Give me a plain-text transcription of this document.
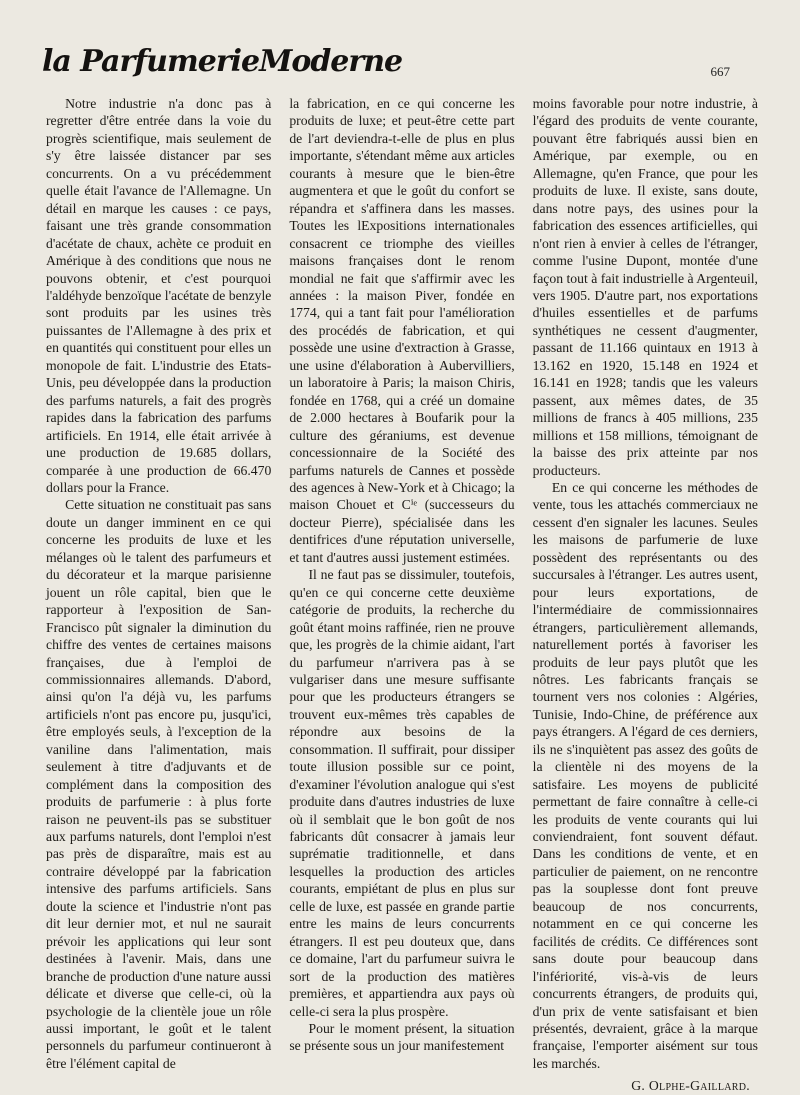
la ParfumerieModerne	667

Notre industrie n'a donc pas à regretter d'être entrée dans la voie du progrès scientifique, mais seulement de s'y être laissée distancer par ses concurrents. On a vu précédemment quelle était l'avance de l'Allemagne. Un détail en marque les causes : ce pays, faisant une très grande consommation d'acétate de chaux, achète ce produit en Amérique à des conditions que nous ne pouvons obtenir, et c'est pourquoi l'aldéhyde benzoïque l'acétate de benzyle sont produits par les usines très puissantes de l'Allemagne à des prix et en quantités qui constituent pour elles un monopole de fait. L'industrie des Etats-Unis, peu développée dans la production des parfums naturels, a fait des progrès rapides dans la fabrication des parfums artificiels. En 1914, elle était arrivée à une production de 19.685 dollars, comparée à une production de 66.470 dollars pour la France.

Cette situation ne constituait pas sans doute un danger imminent en ce qui concerne les produits de luxe et les mélanges où le talent des parfumeurs et du décorateur et la marque parisienne jouent un rôle capital, bien que le rapporteur à l'exposition de San-Francisco pût signaler la diminution du chiffre des ventes de certaines maisons françaises, due à l'emploi de commissionnaires allemands. D'abord, ainsi qu'on l'a déjà vu, les parfums artificiels n'ont pas encore pu, jusqu'ici, être employés seuls, à l'exception de la vaniline dans l'alimentation, mais seulement à titre d'adjuvants et de complément dans la composition des produits de parfumerie : à plus forte raison ne peuvent-ils pas se substituer aux parfums naturels, dont l'emploi n'est pas près de disparaître, mais est au contraire développé par la fabrication intensive des parfums artificiels. Sans doute la science et l'industrie n'ont pas dit leur dernier mot, et nul ne saurait prévoir les applications qui leur sont destinées à l'avenir. Mais, dans une branche de production d'une nature aussi délicate et diverse que celle-ci, où la psychologie de la clientèle joue un rôle aussi important, le goût et le talent personnels du parfumeur continueront à être l'élément capital de

la fabrication, en ce qui concerne les produits de luxe; et peut-être cette part de l'art deviendra-t-elle de plus en plus importante, s'étendant même aux articles courants à mesure que le bien-être augmentera et que le goût du confort se répandra et s'affinera dans les masses. Toutes les lExpositions internationales consacrent ce triomphe des vieilles maisons françaises dont le renom mondial ne fait que s'affirmir avec les années : la maison Piver, fondée en 1774, qui a tant fait pour l'amélioration des procédés de fabrication, et qui possède une usine d'extraction à Grasse, une usine d'élaboration à Aubervilliers, un laboratoire à Paris; la maison Chiris, fondée en 1768, qui a créé un domaine de 2.000 hectares à Boufarik pour la culture des géraniums, est devenue concessionnaire de la Société des parfums naturels de Cannes et possède des agences à New-York et à Chicago; la maison Chouet et Cⁱᵉ (successeurs du docteur Pierre), spécialisée dans les dentifrices d'une réputation universelle, et tant d'autres aussi justement estimées.

Il ne faut pas se dissimuler, toutefois, qu'en ce qui concerne cette deuxième catégorie de produits, la recherche du goût étant moins raffinée, rien ne prouve que, les progrès de la chimie aidant, l'art du parfumeur n'arrivera pas à se vulgariser dans une mesure suffisante pour que les producteurs étrangers se trouvent eux-mêmes très capables de répondre aux besoins de la consommation. Il suffirait, pour dissiper toute illusion possible sur ce point, d'examiner l'évolution analogue qui s'est produite dans d'autres industries de luxe où il semblait que le bon goût de nos fabricants dût consacrer à jamais leur suprématie traditionnelle, et dans lesquelles la production des articles courants, empiétant de plus en plus sur celle de luxe, est passée en grande partie entre les mains de leurs concurrents étrangers. Il est peu douteux que, dans ce domaine, l'art du parfumeur suivra le sort de la production des matières premières, et appartiendra aux pays où celle-ci sera la plus prospère.

Pour le moment présent, la situation se présente sous un jour manifestement

moins favorable pour notre industrie, à l'égard des produits de vente courante, pouvant être fabriqués aussi bien en Amérique, par exemple, ou en Allemagne, qu'en France, que pour les produits de luxe. Il existe, sans doute, dans notre pays, des usines pour la fabrication des essences artificielles, qui n'ont rien à envier à celles de l'étranger, comme l'usine Dupont, montée d'une façon tout à fait industrielle à Argenteuil, vers 1905. D'autre part, nos exportations d'huiles essentielles et de parfums synthétiques ne cessent d'augmenter, passant de 11.166 quintaux en 1913 à 13.162 en 1920, 15.148 en 1924 et 16.141 en 1928; tandis que les valeurs passent, aux mêmes dates, de 35 millions de francs à 405 millions, 235 millions et 158 millions, témoignant de la baisse des prix atteinte par nos producteurs.

En ce qui concerne les méthodes de vente, tous les attachés commerciaux ne cessent d'en signaler les lacunes. Seules les maisons de parfumerie de luxe possèdent des représentants ou des succursales à l'étranger. Les autres usent, pour leurs exportations, de l'intermédiaire de commissionnaires étrangers, particulièrement allemands, naturellement portés à favoriser les produits de leur pays plutôt que les nôtres. Les fabricants français se tournent vers nos colonies : Algéries, Tunisie, Indo-Chine, de préférence aux pays étrangers. A l'égard de ces derniers, ils ne s'inquiètent pas assez des goûts de la clientèle ni des moyens de la satisfaire. Les moyens de publicité permettant de faire connaître à celle-ci les produits de vente courants qui lui conviendraient, font souvent défaut. Dans les conditions de vente, et en particulier de paiement, on ne rencontre pas la souplesse dont font preuve beaucoup de nos concurrents, notamment en ce qui concerne les facilités de crédits. Ce différences sont sans doute pour beaucoup dans l'infériorité, vis-à-vis de leurs concurrents étrangers, de produits qui, d'un prix de vente satisfaisant et bien présentés, devraient, grâce à la marque française, l'emporter aisément sur tous les marchés.

G. Olphe-Gaillard.
